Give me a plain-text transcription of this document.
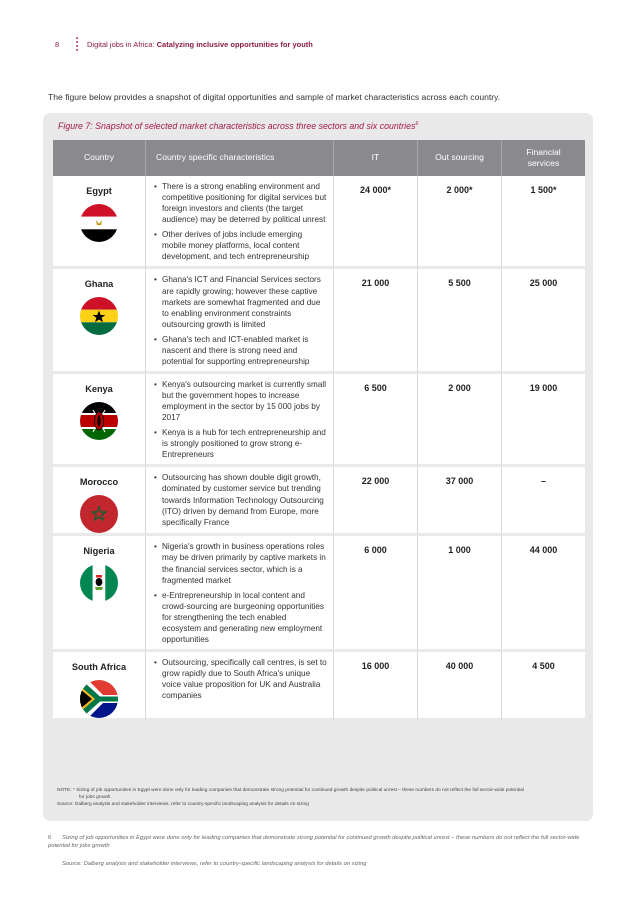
8	Digital jobs in Africa: Catalyzing inclusive opportunities for youth

The figure below provides a snapshot of digital opportunities and sample of market characteristics across each country.

Figure 7: Snapshot of selected market characteristics across three sectors and six countries$^6$
Country	Country specific characteristics	IT	Out sourcing	Financial services

Egypt	• There is a strong enabling environment and competitive positioning for digital services but foreign investors and clients (the target audience) may be deterred by political unrest
• Other derives of jobs include emerging mobile money platforms, local content development, and tech entrepreneurship	24 000*	2 000*	1 500*

Ghana	• Ghana's ICT and Financial Services sectors are rapidly growing; however these captive markets are somewhat fragmented and due to enabling environment constraints outsourcing growth is limited
• Ghana's tech and ICT-enabled market is nascent and there is strong need and potential for supporting entrepreneurship	21 000	5 500	25 000

Kenya	• Kenya's outsourcing market is currently small but the government hopes to increase employment in the sector by 15 000 jobs by 2017
• Kenya is a hub for tech entrepreneurship and is strongly positioned to grow strong e-Entrepreneurs	6 500	2 000	19 000

Morocco	• Outsourcing has shown double digit growth, dominated by customer service but trending towards Information Technology Outsourcing (ITO) driven by demand from Europe, more specifically France	22 000	37 000	–

Nigeria	• Nigeria's growth in business operations roles may be driven primarily by captive markets in the financial services sector, which is a fragmented market
• e-Entrepreneurship in local content and crowd-sourcing are burgeoning opportunities for strengthening the tech enabled ecosystem and generating new employment opportunities	6 000	1 000	44 000

South Africa	• Outsourcing, specifically call centres, is set to grow rapidly due to South Africa's unique voice value proposition for UK and Australia companies	16 000	40 000	4 500
NOTE: * Sizing of job opportunities in Egypt were done only for leading companies that demonstrate strong potential for continued growth despite political unrest – these numbers do not reflect the full sector-wide potential
for jobs growth
Source: Dalberg analysis and stakeholder interviews, refer to country-specific landscaping analysis for details on sizing
6 Sizing of job opportunities in Egypt were done only for leading companies that demonstrate strong potential for continued growth despite political unrest – these numbers do not reflect the full sector-wide potential for jobs growth
Source: Dalberg analysis and stakeholder interviews, refer to country-specific landscaping analysis for details on sizing
